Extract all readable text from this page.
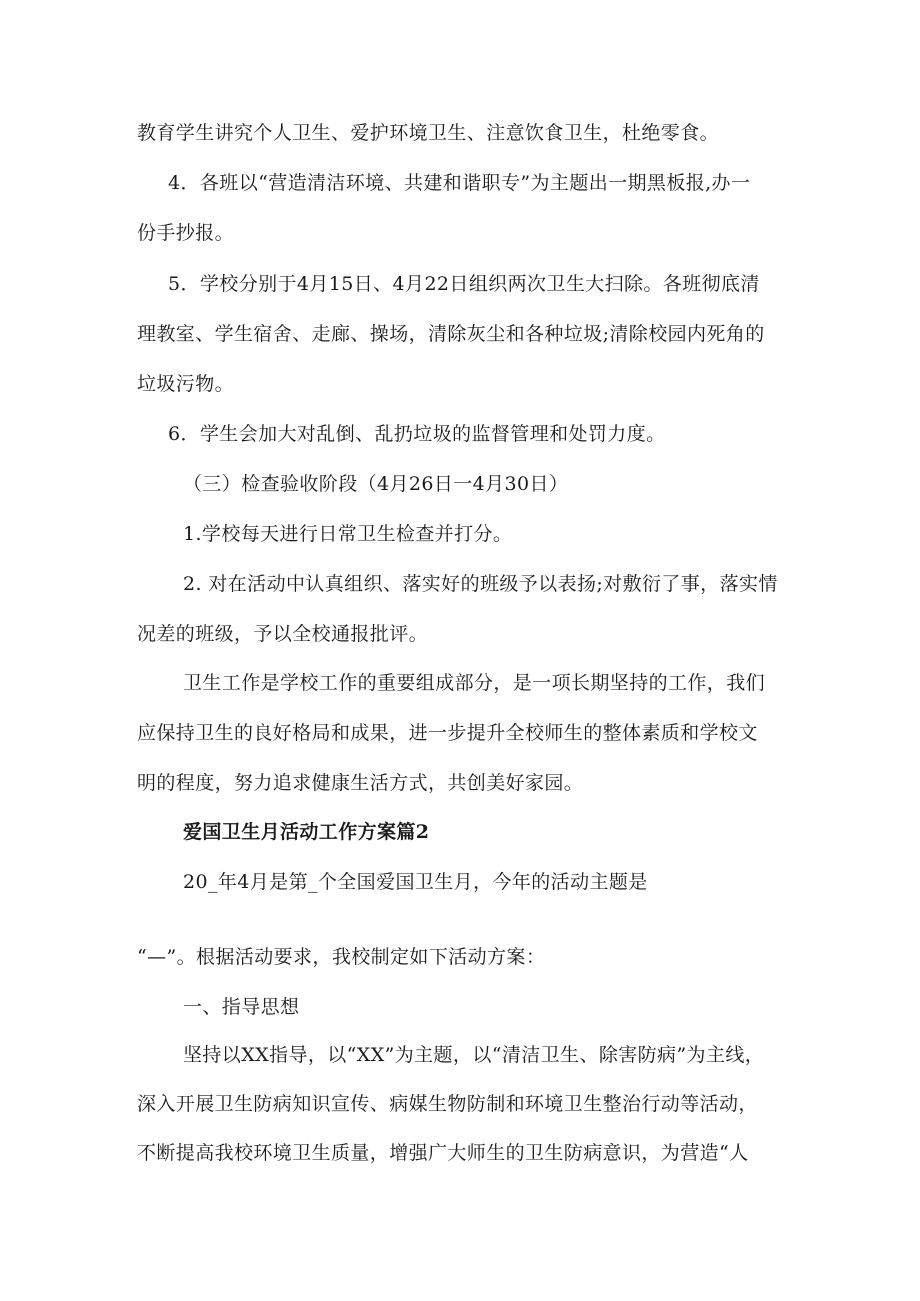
教育学生讲究个人卫生、爱护环境卫生、注意饮食卫生，杜绝零食。
4．各班以“营造清洁环境、共建和谐职专”为主题出一期黑板报,办一
份手抄报。
5．学校分别于4月15日、4月22日组织两次卫生大扫除。各班彻底清
理教室、学生宿舍、走廊、操场，清除灰尘和各种垃圾;清除校园内死角的
垃圾污物。
6．学生会加大对乱倒、乱扔垃圾的监督管理和处罚力度。
（三）检查验收阶段（4月26日一4月30日）
1.学校每天进行日常卫生检查并打分。
2. 对在活动中认真组织、落实好的班级予以表扬;对敷衍了事，落实情
况差的班级，予以全校通报批评。
卫生工作是学校工作的重要组成部分，是一项长期坚持的工作，我们
应保持卫生的良好格局和成果，进一步提升全校师生的整体素质和学校文
明的程度，努力追求健康生活方式，共创美好家园。
爱国卫生月活动工作方案篇2
20_年4月是第_个全国爱国卫生月，今年的活动主题是
“—”。根据活动要求，我校制定如下活动方案：
一、指导思想
坚持以XX指导，以“XX”为主题，以“清洁卫生、除害防病”为主线，
深入开展卫生防病知识宣传、病媒生物防制和环境卫生整治行动等活动，
不断提高我校环境卫生质量，增强广大师生的卫生防病意识，为营造“人
